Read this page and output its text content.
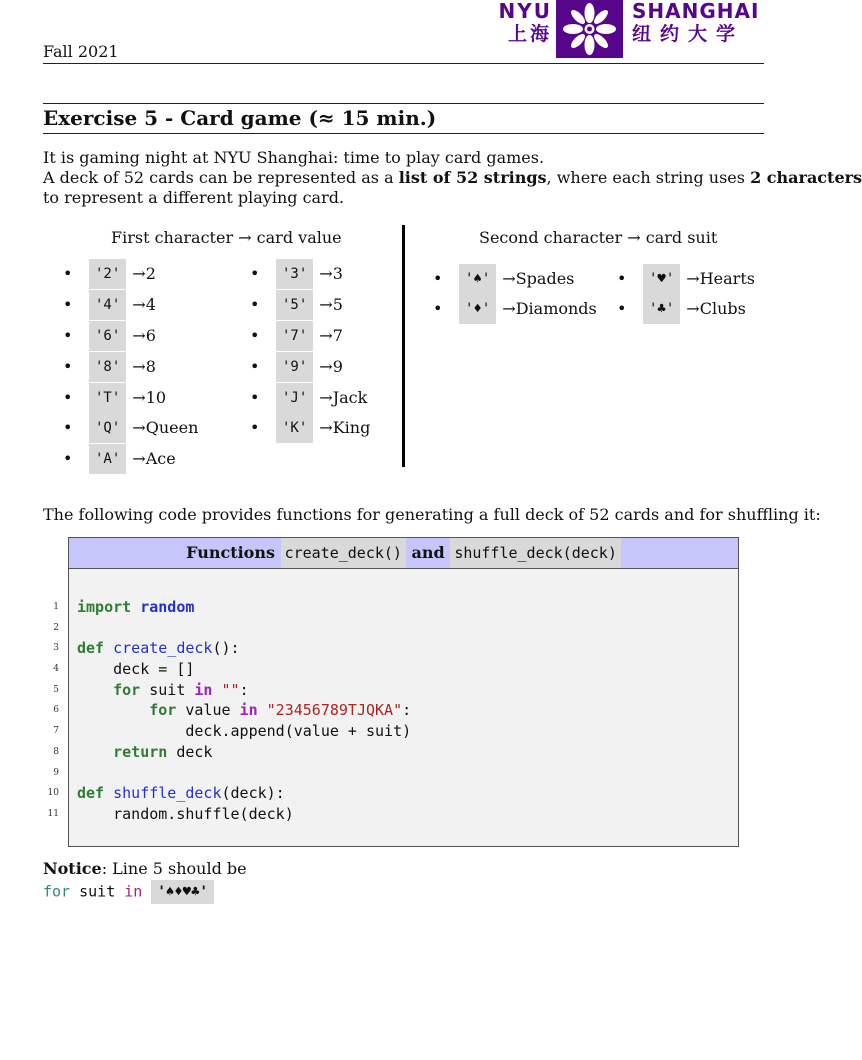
Fall 2021
NYU
上海
SHANGHAI
纽约大学
Exercise 5 - Card game (≈ 15 min.)
It is gaming night at NYU Shanghai: time to play card games.
A deck of 52 cards can be represented as a list of 52 strings, where each string uses 2 characters
to represent a different playing card.
First character → card value
•	'2' → 2
•	'4' → 4
•	'6' → 6
•	'8' → 8
•	'T' → 10
•	'Q' → Queen
•	'A' → Ace
•	'3' → 3
•	'5' → 5
•	'7' → 7
•	'9' → 9
•	'J' → Jack
•	'K' → King
Second character → card suit
•	'♠' → Spades
•	'♦' → Diamonds
•	'♥' → Hearts
•	'♣' → Clubs
The following code provides functions for generating a full deck of 52 cards and for shuffling it:
Functions create_deck() and shuffle_deck(deck)
1
2
3
4
5
6
7
8
9
10
11
import random
def create_deck():
deck = []
for suit in "":
for value in "23456789TJQKA":
deck.append(value + suit)
return deck
def shuffle_deck(deck):
random.shuffle(deck)
Notice: Line 5 should be
for suit in '♠♦♥♣'
